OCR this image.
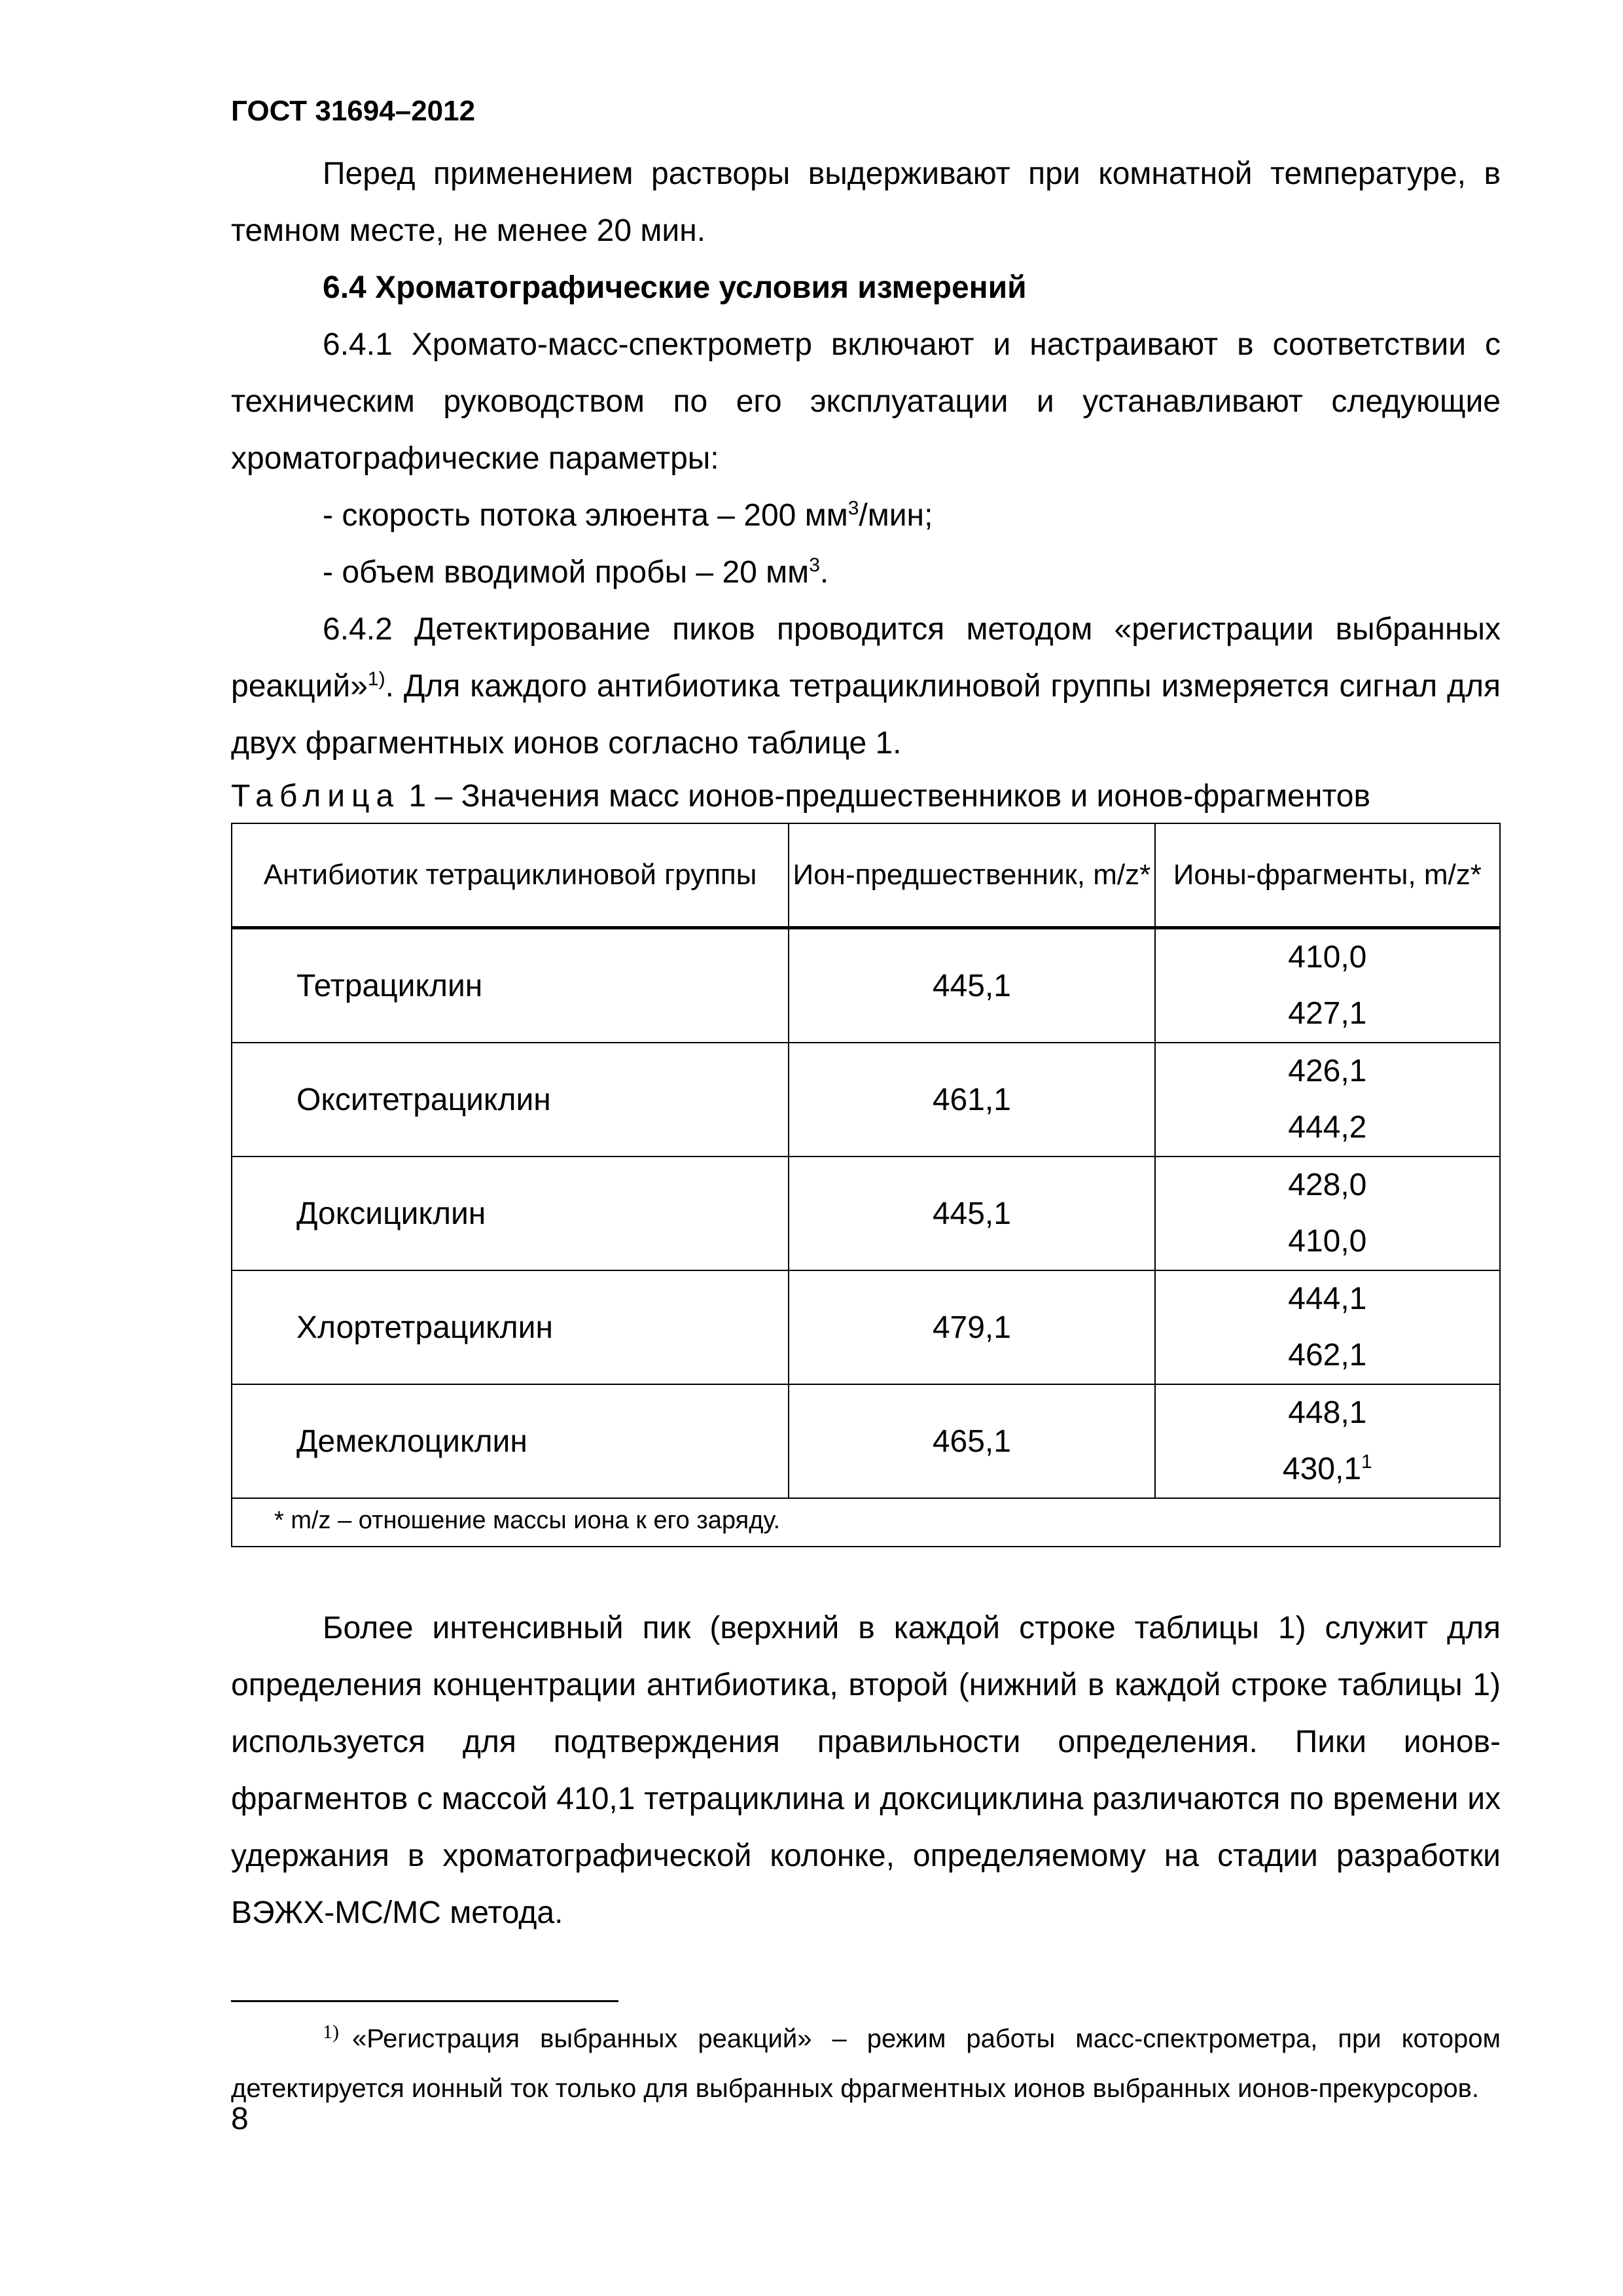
ГОСТ 31694–2012

Перед применением растворы выдерживают при комнатной температуре, в темном месте, не менее 20 мин.

6.4 Хроматографические условия измерений

6.4.1 Хромато-масс-спектрометр включают и настраивают в соответствии с техническим руководством по его эксплуатации и устанавливают следующие хроматографические параметры:

- скорость потока элюента – 200 $мм^3$/мин;

- объем вводимой пробы – 20 $мм^3$.

6.4.2 Детектирование пиков проводится методом «регистрации выбранных реакций»$^{1)}$. Для каждого антибиотика тетрациклиновой группы измеряется сигнал для двух фрагментных ионов согласно таблице 1.

Таблица 1 – Значения масс ионов-предшественников и ионов-фрагментов
Антибиотик тетрациклиновой группы	Ион-предшественник, m/z*	Ионы-фрагменты, m/z*
Тетрациклин	445,1	410,0
427,1

Окситетрациклин	461,1	426,1
444,2

Доксициклин	445,1	428,0
410,0

Хлортетрациклин	479,1	444,1
462,1

Демеклоциклин	465,1	448,1
430,1$^1$

* m/z – отношение массы иона к его заряду.		

Более интенсивный пик (верхний в каждой строке таблицы 1) служит для определения концентрации антибиотика, второй (нижний в каждой строке таблицы 1) используется для подтверждения правильности определения. Пики ионов-фрагментов с массой 410,1 тетрациклина и доксициклина различаются по времени их удержания в хроматографической колонке, определяемому на стадии разработки ВЭЖХ-МС/МС метода.

$^{1)}$ «Регистрация выбранных реакций» – режим работы масс-спектрометра, при котором детектируется ионный ток только для выбранных фрагментных ионов выбранных ионов-прекурсоров.
8
